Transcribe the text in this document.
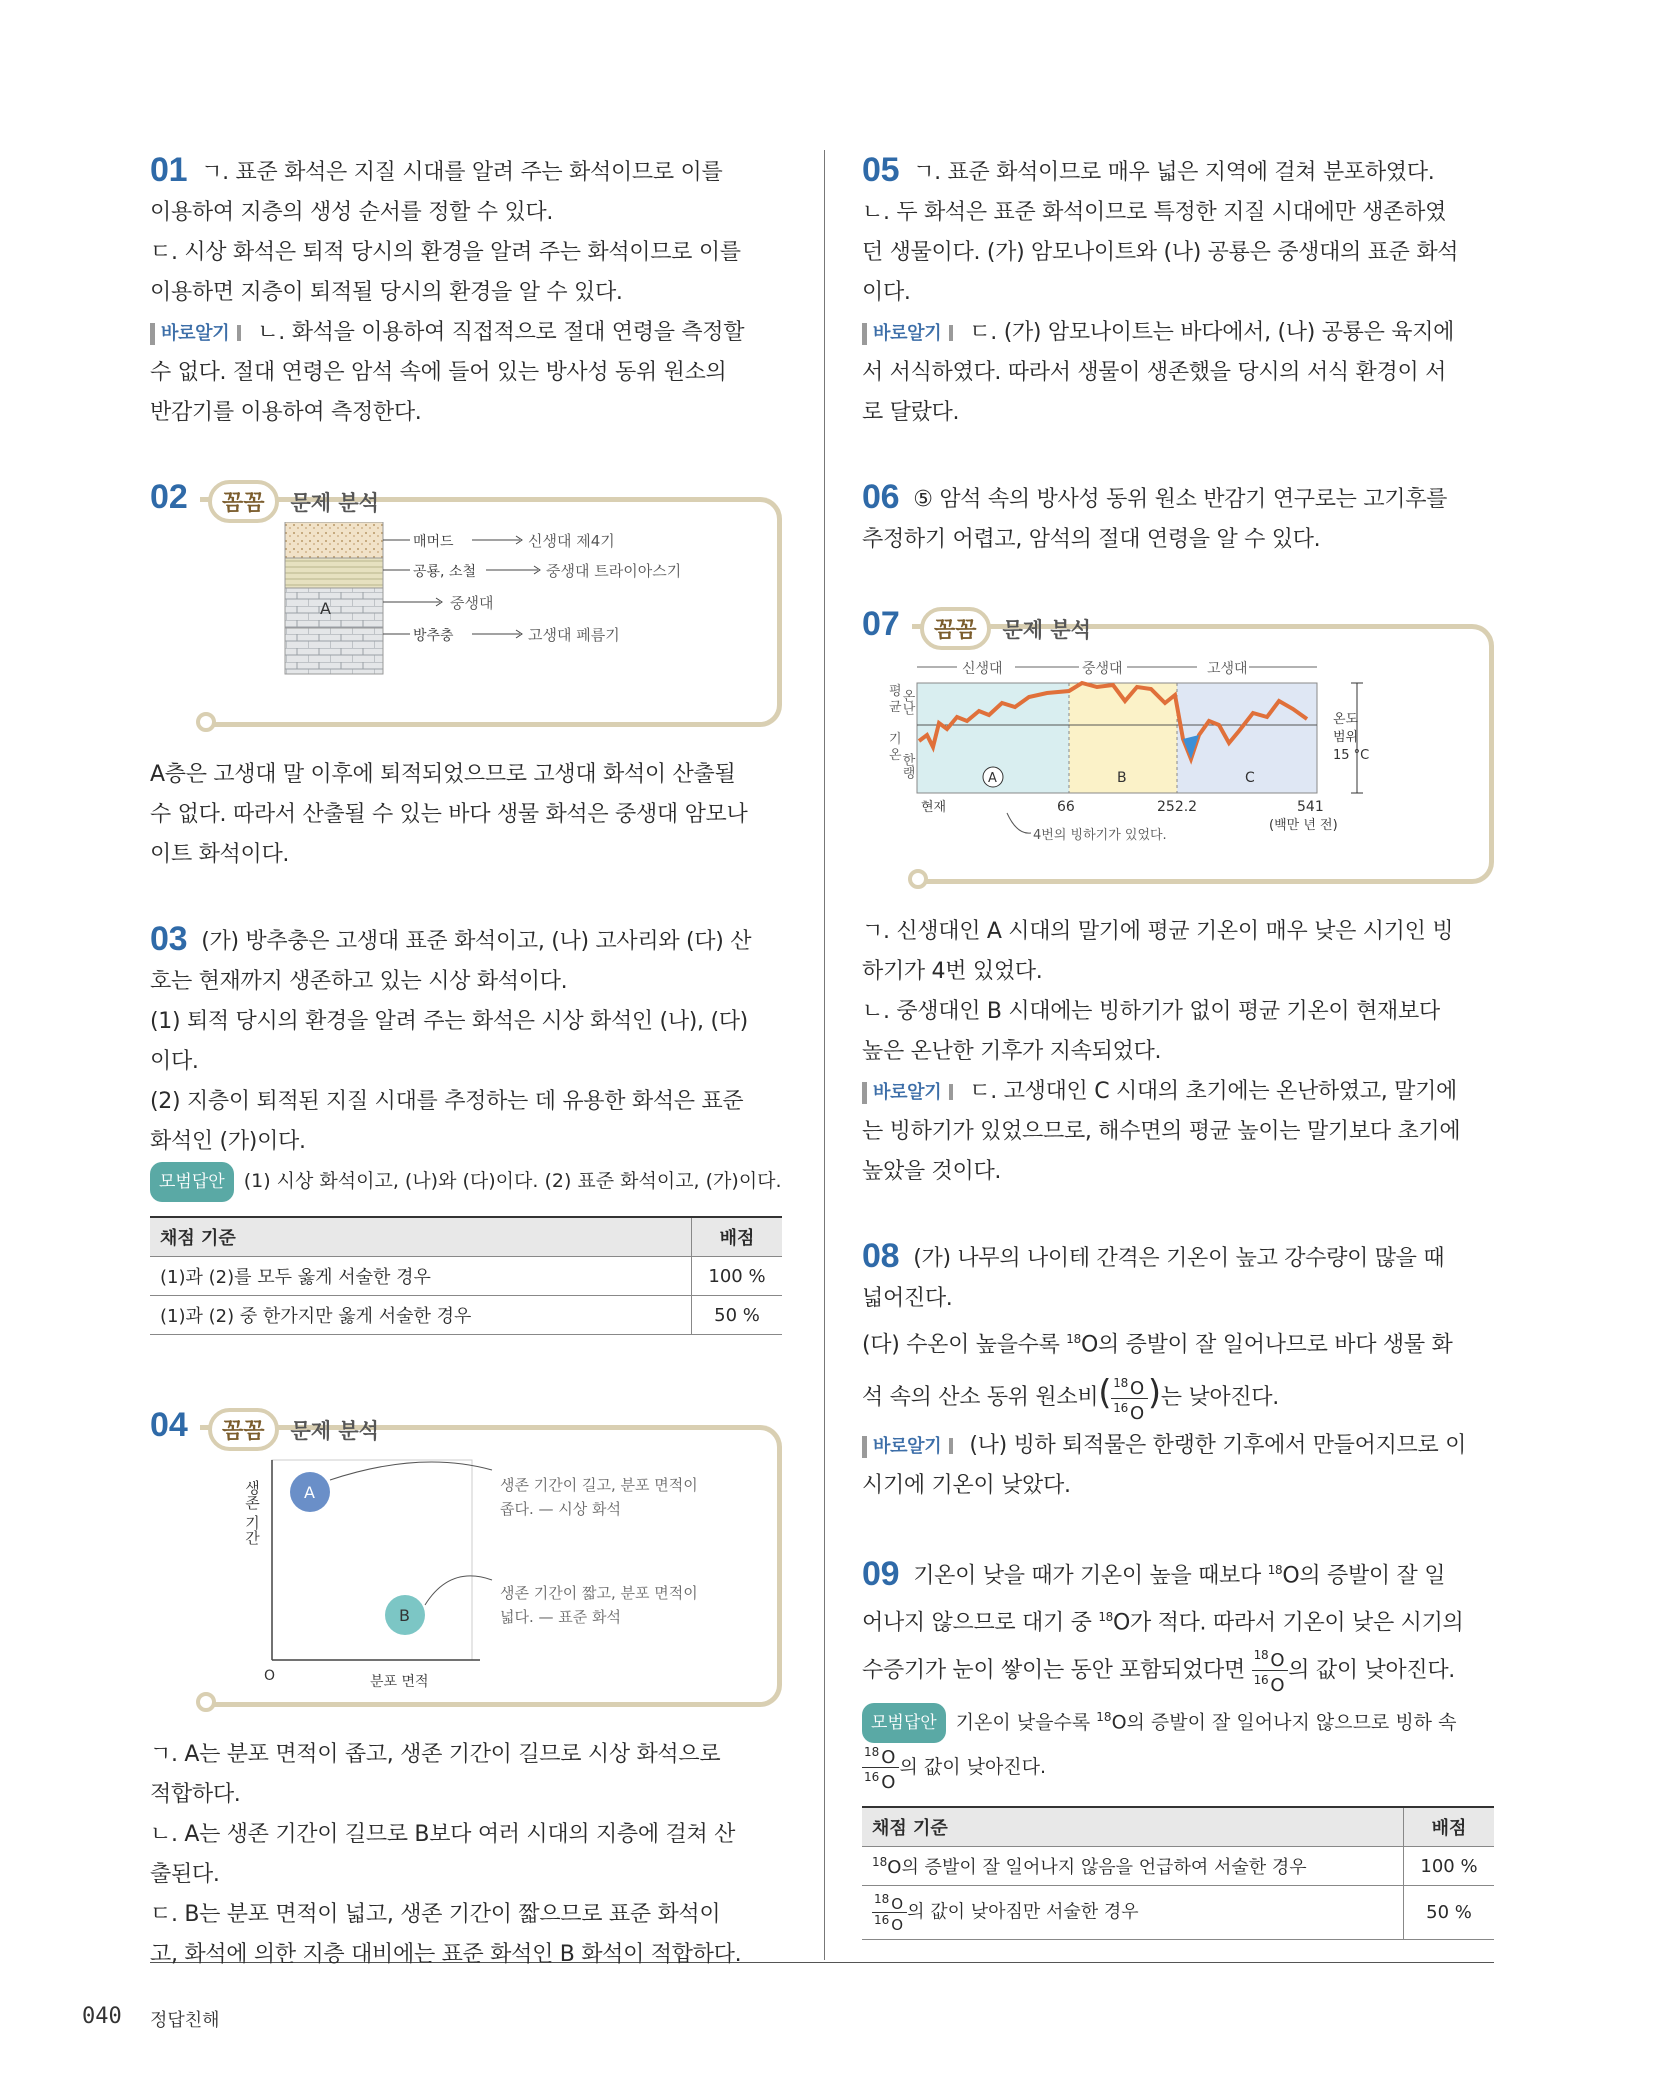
01 ㄱ. 표준 화석은 지질 시대를 알려 주는 화석이므로 이를

이용하여 지층의 생성 순서를 정할 수 있다.

ㄷ. 시상 화석은 퇴적 당시의 환경을 알려 주는 화석이므로 이를

이용하면 지층이 퇴적될 당시의 환경을 알 수 있다.

바로알기 ㄴ. 화석을 이용하여 직접적으로 절대 연령을 측정할

수 없다. 절대 연령은 암석 속에 들어 있는 방사성 동위 원소의

반감기를 이용하여 측정한다.

02	꼼꼼	문제 분석
A
매머드	신생대 제4기
공룡, 소철	중생대 트라이아스기
중생대
방추충	고생대 페름기

A층은 고생대 말 이후에 퇴적되었으므로 고생대 화석이 산출될

수 없다. 따라서 산출될 수 있는 바다 생물 화석은 중생대 암모나

이트 화석이다.

03 (가) 방추충은 고생대 표준 화석이고, (나) 고사리와 (다) 산

호는 현재까지 생존하고 있는 시상 화석이다.

(1) 퇴적 당시의 환경을 알려 주는 화석은 시상 화석인 (나), (다)

이다.

(2) 지층이 퇴적된 지질 시대를 추정하는 데 유용한 화석은 표준

화석인 (가)이다.

모범답안 (1) 시상 화석이고, (나)와 (다)이다. (2) 표준 화석이고, (가)이다.

채점 기준	배점
(1)과 (2)를 모두 옳게 서술한 경우	100 %
(1)과 (2) 중 한가지만 옳게 서술한 경우	50 %
04	꼼꼼	문제 분석
생존 기간
O	분포 면적
A
B
생존 기간이 길고, 분포 면적이
좁다. — 시상 화석
생존 기간이 짧고, 분포 면적이
넓다. — 표준 화석

ㄱ. A는 분포 면적이 좁고, 생존 기간이 길므로 시상 화석으로

적합하다.

ㄴ. A는 생존 기간이 길므로 B보다 여러 시대의 지층에 걸쳐 산

출된다.

ㄷ. B는 분포 면적이 넓고, 생존 기간이 짧으므로 표준 화석이

고, 화석에 의한 지층 대비에는 표준 화석인 B 화석이 적합하다.

05 ㄱ. 표준 화석이므로 매우 넓은 지역에 걸쳐 분포하였다.

ㄴ. 두 화석은 표준 화석이므로 특정한 지질 시대에만 생존하였

던 생물이다. (가) 암모나이트와 (나) 공룡은 중생대의 표준 화석

이다.

바로알기 ㄷ. (가) 암모나이트는 바다에서, (나) 공룡은 육지에

서 서식하였다. 따라서 생물이 생존했을 당시의 서식 환경이 서

로 달랐다.

06 ⑤ 암석 속의 방사성 동위 원소 반감기 연구로는 고기후를

추정하기 어렵고, 암석의 절대 연령을 알 수 있다.

07	꼼꼼	문제 분석
신생대	중생대	고생대
평
균
기
온
온난
한랭	A	B	C
현재	66	252.2	541
(백만 년 전)
온도
범위
15 °C
4번의 빙하기가 있었다.

ㄱ. 신생대인 A 시대의 말기에 평균 기온이 매우 낮은 시기인 빙

하기가 4번 있었다.

ㄴ. 중생대인 B 시대에는 빙하기가 없이 평균 기온이 현재보다

높은 온난한 기후가 지속되었다.

바로알기 ㄷ. 고생대인 C 시대의 초기에는 온난하였고, 말기에

는 빙하기가 있었으므로, 해수면의 평균 높이는 말기보다 초기에

높았을 것이다.

08 (가) 나무의 나이테 간격은 기온이 높고 강수량이 많을 때

넓어진다.

(다) 수온이 높을수록 $^{18}$O의 증발이 잘 일어나므로 바다 생물 화

석 속의 산소 동위 원소비( $\frac{^{18} O}{^{16} O}$ )는 낮아진다.

바로알기 (나) 빙하 퇴적물은 한랭한 기후에서 만들어지므로 이

시기에 기온이 낮았다.

09 기온이 낮을 때가 기온이 높을 때보다 $^{18}$O의 증발이 잘 일

어나지 않으므로 대기 중 $^{18}$O가 적다. 따라서 기온이 낮은 시기의

수증기가 눈이 쌓이는 동안 포함되었다면 $\frac{^{18} O}{^{16} O}$ 의 값이 낮아진다.

모범답안 기온이 낮을수록 $^{18}$O의 증발이 잘 일어나지 않으므로 빙하 속

$\frac{^{18} O}{^{16} O}$ 의 값이 낮아진다.

채점 기준	배점
$^{18}$O의 증발이 잘 일어나지 않음을 언급하여 서술한 경우	100 %

$\frac{^{18} O}{^{16} O}$ 의 값이 낮아짐만 서술한 경우	50 %
040 정답친해
